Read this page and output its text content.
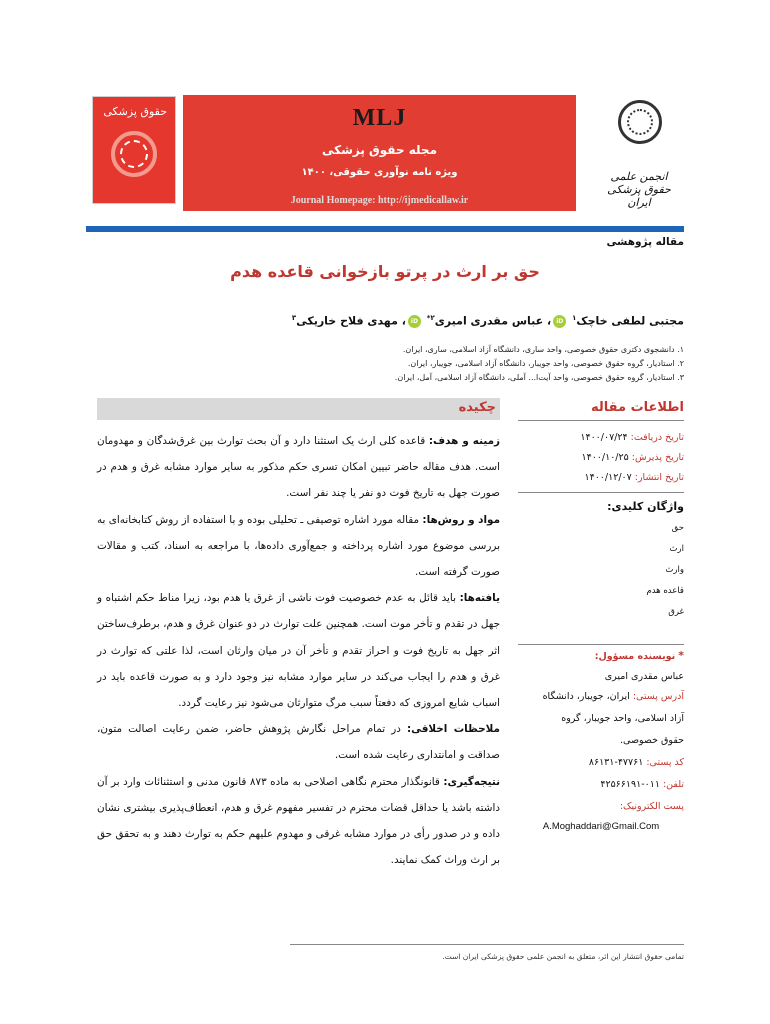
حقوق پزشکی	MLJ
مجله حقوق پزشکی
ویژه نامه نوآوری حقوقی، ۱۴۰۰
Journal Homepage: http://ijmedicallaw.ir
انجمن علمی حقوق پزشکی ایران
مقاله پژوهشی
حق بر ارث در پرتو بازخوانی قاعده هدم
مجتبی لطفی خاچک$^۱$ iD، عباس مقدری امیری$^{۲*}$ iD، مهدی فلاح خاریکی$^۳$
۱. دانشجوی دکتری حقوق خصوصی، واحد ساری، دانشگاه آزاد اسلامی، ساری، ایران.
۲. استادیار، گروه حقوق خصوصی، واحد جویبار، دانشگاه آزاد اسلامی، جویبار، ایران.
۳. استادیار، گروه حقوق خصوصی، واحد آیت‌ا... آملی، دانشگاه آزاد اسلامی، آمل، ایران.
چکیده

زمینه و هدف: قاعده کلی ارث یک استثنا دارد و آن بحث توارث بین غرق‌شدگان و مهدومان است. هدف مقاله حاضر تبیین امکان تسری حکم مذکور به سایر موارد مشابه غرق و هدم در صورت جهل به تاریخ فوت دو نفر یا چند نفر است.

مواد و روش‌ها: مقاله مورد اشاره توصیفی ـ تحلیلی بوده و با استفاده از روش کتابخانه‌ای به بررسی موضوع مورد اشاره پرداخته و جمع‌آوری داده‌ها، با مراجعه به اسناد، کتب و مقالات صورت گرفته است.

یافته‌ها: باید قائل به عدم خصوصیت فوت ناشی از غرق یا هدم بود، زیرا مناط حکم اشتباه و جهل در تقدم و تأخر موت است. همچنین علت توارث در دو عنوان غرق و هدم، برطرف‌ساختن اثر جهل به تاریخ فوت و احراز تقدم و تأخر آن در میان وارثان است، لذا علتی که توارث در غرق و هدم را ایجاب می‌کند در سایر موارد مشابه نیز وجود دارد و به صورت قاعده باید در اسباب شایع امروزی که دفعتاً سبب مرگ متوارثان می‌شود نیز رعایت گردد.

ملاحظات اخلاقی: در تمام مراحل نگارش پژوهش حاضر، ضمن رعایت اصالت متون، صداقت و امانتداری رعایت شده است.

نتیجه‌گیری: قانونگذار محترم نگاهی اصلاحی به ماده ۸۷۳ قانون مدنی و استثنائات وارد بر آن داشته باشد یا حداقل قضات محترم در تفسیر مفهوم غرق و هدم، انعطاف‌پذیری بیشتری نشان داده و در صدور رأی در موارد مشابه غرقی و مهدوم علیهم حکم به توارث دهند و به تحقق حق بر ارث وراث کمک نمایند.

اطلاعات مقاله
تاریخ دریافت: ۱۴۰۰/۰۷/۲۴
تاریخ پذیرش: ۱۴۰۰/۱۰/۲۵
تاریخ انتشار: ۱۴۰۰/۱۲/۰۷
واژگان کلیدی:
حق
ارث
وارث
قاعده هدم
غرق
* نویسنده مسؤول:
عباس مقدری امیری
آدرس پستی: ایران، جویبار، دانشگاه
آزاد اسلامی، واحد جویبار، گروه
حقوق خصوصی.
کد پستی: ۴۷۷۶۱-۸۶۱۳۱
تلفن: ۰۱۱-۴۲۵۶۶۱۹۱
پست الکترونیک:
A.Moghaddari@Gmail.Com
تمامی حقوق انتشار این اثر، متعلق به انجمن علمی حقوق پزشکی ایران است.
